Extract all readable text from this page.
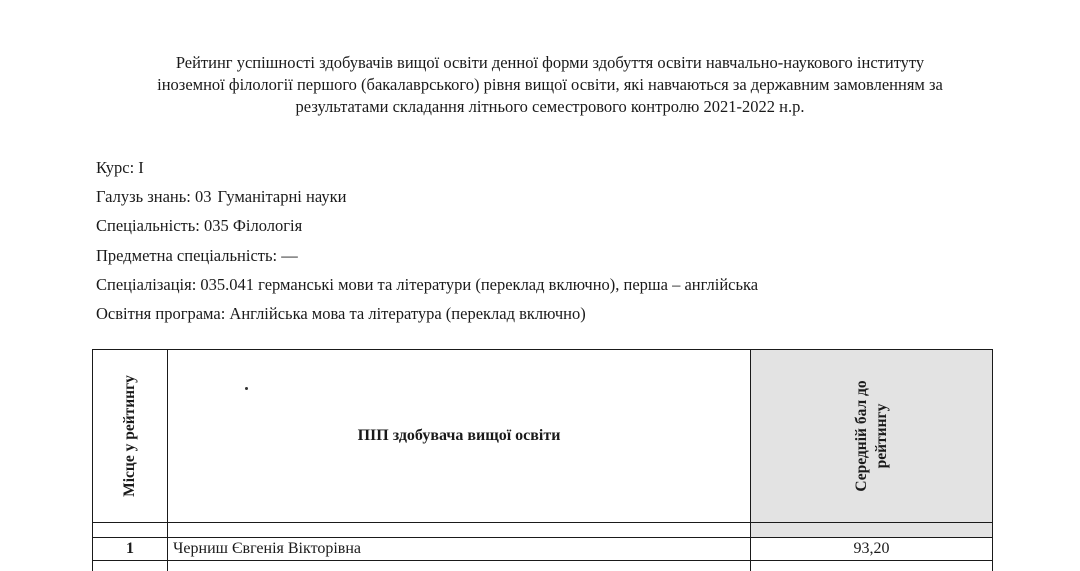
Рейтинг успішності здобувачів вищої освіти денної форми здобуття освіти навчально-наукового інституту
іноземної філології першого (бакалаврського) рівня вищої освіти, які навчаються за державним замовленням за
результатами складання літнього семестрового контролю 2021-2022 н.р.
Курс: І
Галузь знань: 03 Гуманітарні науки
Спеціальність: 035 Філологія
Предметна спеціальність: —
Спеціалізація: 035.041 германські мови та літератури (переклад включно), перша – англійська
Освітня програма: Англійська мова та література (переклад включно)
Місце у рейтингу	ПІП здобувача вищої освіти	Середній бал до рейтингу

1	Черниш Євгенія Вікторівна	93,20
